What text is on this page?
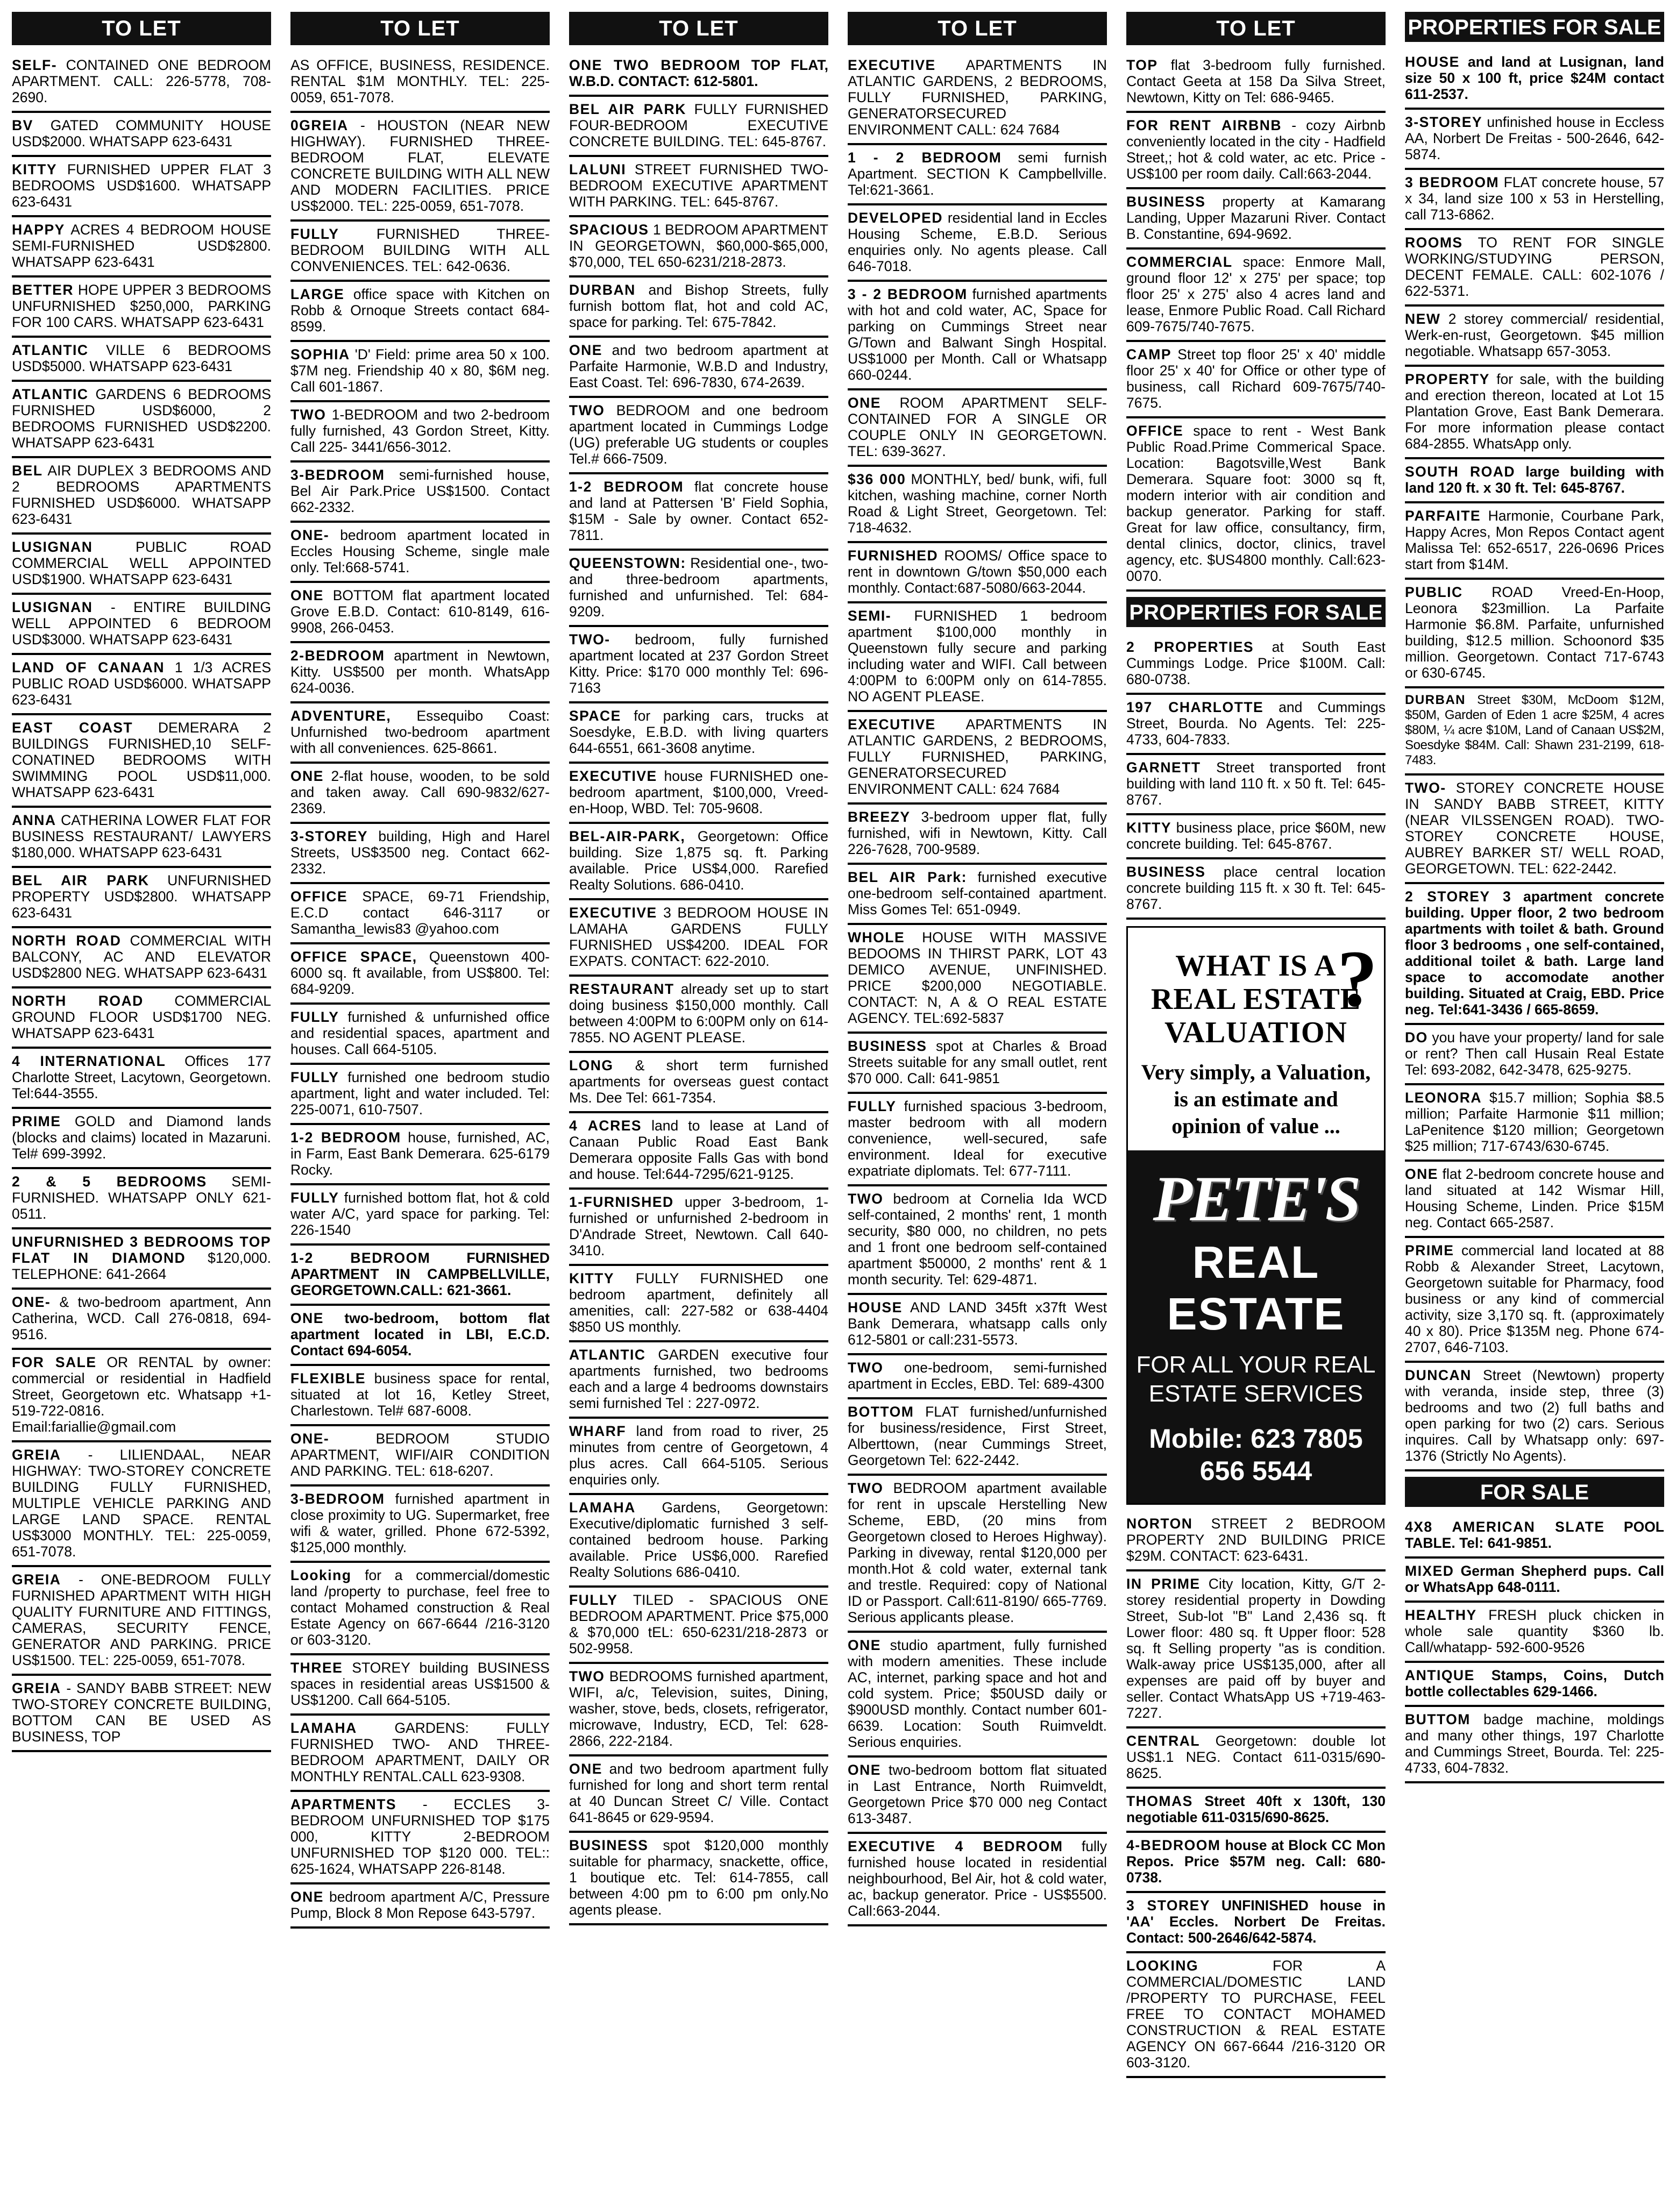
TO LET
SELF- CONTAINED ONE BEDROOM APARTMENT. CALL: 226-5778, 708-2690.
BV GATED COMMUNITY HOUSE USD$2000. WHATSAPP 623-6431
KITTY FURNISHED UPPER FLAT 3 BEDROOMS USD$1600. WHATSAPP 623-6431
HAPPY ACRES 4 BEDROOM HOUSE SEMI-FURNISHED USD$2800. WHATSAPP 623-6431
BETTER HOPE UPPER 3 BEDROOMS UNFURNISHED $250,000, PARKING FOR 100 CARS. WHATSAPP 623-6431
ATLANTIC VILLE 6 BEDROOMS USD$5000. WHATSAPP 623-6431
ATLANTIC GARDENS 6 BEDROOMS FURNISHED USD$6000, 2 BEDROOMS FURNISHED USD$2200. WHATSAPP 623-6431
BEL AIR DUPLEX 3 BEDROOMS AND 2 BEDROOMS APARTMENTS FURNISHED USD$6000. WHATSAPP 623-6431
LUSIGNAN	PUBLIC ROAD COMMERCIAL WELL APPOINTED USD$1900. WHATSAPP 623-6431
LUSIGNAN - ENTIRE BUILDING WELL APPOINTED 6 BEDROOM USD$3000. WHATSAPP 623-6431
LAND OF CANAAN 1 1/3 ACRES PUBLIC ROAD USD$6000. WHATSAPP 623-6431
EAST COAST DEMERARA 2 BUILDINGS FURNISHED,10 SELF-CONATINED BEDROOMS WITH SWIMMING POOL USD$11,000. WHATSAPP 623-6431
ANNA CATHERINA LOWER FLAT FOR BUSINESS RESTAURANT/ LAWYERS $180,000. WHATSAPP 623-6431
BEL AIR PARK UNFURNISHED PROPERTY USD$2800. WHATSAPP 623-6431
NORTH ROAD COMMERCIAL WITH BALCONY, AC AND ELEVATOR USD$2800 NEG. WHATSAPP 623-6431
NORTH ROAD COMMERCIAL GROUND FLOOR USD$1700 NEG. WHATSAPP 623-6431
4 INTERNATIONAL Offices 177 Charlotte Street, Lacytown, Georgetown. Tel:644-3555.
PRIME GOLD and Diamond lands (blocks and claims) located in Mazaruni. Tel# 699-3992.
2 & 5 BEDROOMS SEMI-FURNISHED. WHATSAPP ONLY 621-0511.
UNFURNISHED 3 BEDROOMS TOP FLAT IN DIAMOND $120,000. TELEPHONE: 641-2664
ONE- & two-bedroom apartment, Ann Catherina, WCD. Call 276-0818, 694-9516.
FOR SALE OR RENTAL by owner: commercial or residential in Hadfield Street, Georgetown etc. Whatsapp +1-519-722-0816. Email:fariallie@gmail.com
GREIA - LILIENDAAL, NEAR HIGHWAY: TWO-STOREY CONCRETE BUILDING FULLY FURNISHED, MULTIPLE VEHICLE PARKING AND LARGE LAND SPACE. RENTAL US$3000 MONTHLY. TEL: 225-0059, 651-7078.
GREIA - ONE-BEDROOM FULLY FURNISHED APARTMENT WITH HIGH QUALITY FURNITURE AND FITTINGS, CAMERAS, SECURITY FENCE, GENERATOR AND PARKING. PRICE US$1500. TEL: 225-0059, 651-7078.
GREIA - SANDY BABB STREET: NEW TWO-STOREY CONCRETE BUILDING, BOTTOM CAN BE USED AS BUSINESS, TOP
TO LET
AS OFFICE, BUSINESS, RESIDENCE. RENTAL $1M MONTHLY. TEL: 225-0059, 651-7078.
0GREIA - HOUSTON (NEAR NEW HIGHWAY). FURNISHED THREE-BEDROOM FLAT, ELEVATE CONCRETE BUILDING WITH ALL NEW AND MODERN FACILITIES. PRICE US$2000. TEL: 225-0059, 651-7078.
FULLY	FURNISHED THREE-BEDROOM BUILDING WITH ALL CONVENIENCES. TEL: 642-0636.
LARGE office space with Kitchen on Robb & Ornoque Streets contact 684-8599.
SOPHIA 'D' Field: prime area 50 x 100. $7M neg. Friendship 40 x 80, $6M neg. Call 601-1867.
TWO 1-BEDROOM and two 2-bedroom fully furnished, 43 Gordon Street, Kitty. Call 225- 3441/656-3012.
3-BEDROOM semi-furnished house, Bel Air Park.Price US$1500. Contact 662-2332.
ONE- bedroom apartment located in Eccles Housing Scheme, single male only. Tel:668-5741.
ONE BOTTOM flat apartment located Grove E.B.D. Contact: 610-8149, 616-9908, 266-0453.
2-BEDROOM apartment in Newtown, Kitty. US$500 per month. WhatsApp 624-0036.
ADVENTURE, Essequibo Coast: Unfurnished two-bedroom apartment with all conveniences. 625-8661.
ONE 2-flat house, wooden, to be sold and taken away. Call 690-9832/627-2369.
3-STOREY building, High and Harel Streets, US$3500 neg. Contact 662-2332.
OFFICE SPACE, 69-71 Friendship, E.C.D contact 646-3117 or Samantha_lewis83 @yahoo.com
OFFICE SPACE, Queenstown 400-6000 sq. ft available, from US$800. Tel: 684-9209.
FULLY furnished & unfurnished office and residential spaces, apartment and houses. Call 664-5105.
FULLY furnished one bedroom studio apartment, light and water included. Tel: 225-0071, 610-7507.
1-2 BEDROOM house, furnished, AC, in Farm, East Bank Demerara. 625-6179 Rocky.
FULLY furnished bottom flat, hot & cold water A/C, yard space for parking. Tel: 226-1540
1-2 BEDROOM	FURNISHED APARTMENT IN CAMPBELLVILLE, GEORGETOWN.CALL: 621-3661.
ONE two-bedroom, bottom flat apartment located in LBI, E.C.D. Contact 694-6054.
FLEXIBLE business space for rental, situated at lot 16, Ketley Street, Charlestown. Tel# 687-6008.
ONE-	BEDROOM STUDIO APARTMENT, WIFI/AIR CONDITION AND PARKING. TEL: 618-6207.
3-BEDROOM furnished apartment in close proximity to UG. Supermarket, free wifi & water, grilled. Phone 672-5392, $125,000 monthly.
Looking for a commercial/domestic land /property to purchase, feel free to contact Mohamed construction & Real Estate Agency on 667-6644 /216-3120 or 603-3120.
THREE STOREY building BUSINESS spaces in residential areas US$1500 & US$1200. Call 664-5105.
LAMAHA	GARDENS: FULLY FURNISHED TWO- AND THREE-BEDROOM APARTMENT, DAILY OR MONTHLY RENTAL.CALL 623-9308.
APARTMENTS - ECCLES 3-BEDROOM UNFURNISHED TOP $175 000, KITTY 2-BEDROOM UNFURNISHED TOP $120 000. TEL:: 625-1624, WHATSAPP 226-8148.
ONE bedroom apartment A/C, Pressure Pump, Block 8 Mon Repose 643-5797.
TO LET
ONE TWO BEDROOM TOP FLAT, W.B.D. CONTACT: 612-5801.
BEL AIR PARK FULLY FURNISHED FOUR-BEDROOM EXECUTIVE CONCRETE BUILDING. TEL: 645-8767.
LALUNI STREET FURNISHED TWO-BEDROOM EXECUTIVE APARTMENT WITH PARKING. TEL: 645-8767.
SPACIOUS 1 BEDROOM APARTMENT IN GEORGETOWN, $60,000-$65,000, $70,000, TEL 650-6231/218-2873.
DURBAN and Bishop Streets, fully furnish bottom flat, hot and cold AC, space for parking. Tel: 675-7842.
ONE and two bedroom apartment at Parfaite Harmonie, W.B.D and Industry, East Coast. Tel: 696-7830, 674-2639.
TWO BEDROOM and one bedroom apartment located in Cummings Lodge (UG) preferable UG students or couples Tel.# 666-7509.
1-2 BEDROOM flat concrete house and land at Pattersen 'B' Field Sophia, $15M - Sale by owner. Contact 652-7811.
QUEENSTOWN: Residential one-, two- and three-bedroom apartments, furnished and unfurnished. Tel: 684-9209.
TWO- bedroom, fully furnished apartment located at 237 Gordon Street Kitty. Price: $170 000 monthly Tel: 696-7163
SPACE for parking cars, trucks at Soesdyke, E.B.D. with living quarters 644-6551, 661-3608 anytime.
EXECUTIVE house FURNISHED one-bedroom apartment, $100,000, Vreed-en-Hoop, WBD. Tel: 705-9608.
BEL-AIR-PARK, Georgetown: Office building. Size 1,875 sq. ft. Parking available. Price US$4,000. Rarefied Realty Solutions. 686-0410.
EXECUTIVE 3 BEDROOM HOUSE IN LAMAHA GARDENS FULLY FURNISHED US$4200. IDEAL FOR EXPATS. CONTACT: 622-2010.
RESTAURANT already set up to start doing business $150,000 monthly. Call between 4:00PM to 6:00PM only on 614-7855. NO AGENT PLEASE.
LONG & short term furnished apartments for overseas guest contact Ms. Dee Tel: 661-7354.
4 ACRES land to lease at Land of Canaan Public Road East Bank Demerara opposite Falls Gas with bond and house. Tel:644-7295/621-9125.
1-FURNISHED upper 3-bedroom, 1-furnished or unfurnished 2-bedroom in D'Andrade Street, Newtown. Call 640-3410.
KITTY FULLY FURNISHED one bedroom apartment, definitely all amenities, call: 227-582 or 638-4404 $850 US monthly.
ATLANTIC GARDEN executive four apartments furnished, two bedrooms each and a large 4 bedrooms downstairs semi furnished Tel : 227-0972.
WHARF land from road to river, 25 minutes from centre of Georgetown, 4 plus acres. Call 664-5105. Serious enquiries only.
LAMAHA Gardens, Georgetown: Executive/diplomatic furnished 3 self-contained bedroom house. Parking available. Price US$6,000. Rarefied Realty Solutions 686-0410.
FULLY TILED - SPACIOUS ONE BEDROOM APARTMENT. Price $75,000 & $70,000 tEL: 650-6231/218-2873 or 502-9958.
TWO BEDROOMS furnished apartment, WIFI, a/c, Television, suites, Dining, washer, stove, beds, closets, refrigerator, microwave, Industry, ECD, Tel: 628-2866, 222-2184.
ONE and two bedroom apartment fully furnished for long and short term rental at 40 Duncan Street C/ Ville. Contact 641-8645 or 629-9594.
BUSINESS spot $120,000 monthly suitable for pharmacy, snackette, office, 1 boutique etc. Tel: 614-7855, call between 4:00 pm to 6:00 pm only.No agents please.
TO LET
EXECUTIVE APARTMENTS IN ATLANTIC GARDENS, 2 BEDROOMS, FULLY FURNISHED, PARKING, GENERATORSECURED ENVIRONMENT CALL: 624 7684
1 - 2 BEDROOM semi furnish Apartment. SECTION K Campbellville. Tel:621-3661.
DEVELOPED residential land in Eccles Housing Scheme, E.B.D. Serious enquiries only. No agents please. Call 646-7018.
3 - 2 BEDROOM furnished apartments with hot and cold water, AC, Space for parking on Cummings Street near G/Town and Balwant Singh Hospital. US$1000 per Month. Call or Whatsapp 660-0244.
ONE ROOM APARTMENT SELF-CONTAINED FOR A SINGLE OR COUPLE ONLY IN GEORGETOWN. TEL: 639-3627.
$36 000 MONTHLY, bed/ bunk, wifi, full kitchen, washing machine, corner North Road & Light Street, Georgetown. Tel: 718-4632.
FURNISHED ROOMS/ Office space to rent in downtown G/town $50,000 each monthly. Contact:687-5080/663-2044.
SEMI- FURNISHED 1 bedroom apartment $100,000 monthly in Queenstown fully secure and parking including water and WIFI. Call between 4:00PM to 6:00PM only on 614-7855. NO AGENT PLEASE.
EXECUTIVE APARTMENTS IN ATLANTIC GARDENS, 2 BEDROOMS, FULLY FURNISHED, PARKING, GENERATORSECURED ENVIRONMENT CALL: 624 7684
BREEZY 3-bedroom upper flat, fully furnished, wifi in Newtown, Kitty. Call 226-7628, 700-9589.
BEL AIR Park: furnished executive one-bedroom self-contained apartment. Miss Gomes Tel: 651-0949.
WHOLE HOUSE WITH MASSIVE BEDOOMS IN THIRST PARK, LOT 43 DEMICO AVENUE, UNFINISHED. PRICE $200,000 NEGOTIABLE. CONTACT: N, A & O REAL ESTATE AGENCY. TEL:692-5837
BUSINESS spot at Charles & Broad Streets suitable for any small outlet, rent $70 000. Call: 641-9851
FULLY furnished spacious 3-bedroom, master bedroom with all modern convenience, well-secured, safe environment. Ideal for executive expatriate diplomats. Tel: 677-7111.
TWO bedroom at Cornelia Ida WCD self-contained, 2 months' rent, 1 month security, $80 000, no children, no pets and 1 front one bedroom self-contained apartment $50000, 2 months' rent & 1 month security. Tel: 629-4871.
HOUSE AND LAND 345ft x37ft West Bank Demerara, whatsapp calls only 612-5801 or call:231-5573.
TWO one-bedroom, semi-furnished apartment in Eccles, EBD. Tel: 689-4300
BOTTOM FLAT furnished/unfurnished for business/residence, First Street, Alberttown, (near Cummings Street, Georgetown Tel: 622-2442.
TWO BEDROOM apartment available for rent in upscale Herstelling New Scheme, EBD, (20 mins from Georgetown closed to Heroes Highway). Parking in diveway, rental $120,000 per month.Hot & cold water, external tank and trestle. Required: copy of National ID or Passport. Call:611-8190/ 665-7769. Serious applicants please.
ONE studio apartment, fully furnished with modern amenities. These include AC, internet, parking space and hot and cold system. Price; $50USD daily or $900USD monthly. Contact number 601-6639. Location: South Ruimveldt. Serious enquiries.
ONE two-bedroom bottom flat situated in Last Entrance, North Ruimveldt, Georgetown Price $70 000 neg Contact 613-3487.
EXECUTIVE 4 BEDROOM fully furnished house located in residential neighbourhood, Bel Air, hot & cold water, ac, backup generator. Price - US$5500. Call:663-2044.
TO LET
TOP flat 3-bedroom fully furnished. Contact Geeta at 158 Da Silva Street, Newtown, Kitty on Tel: 686-9465.
FOR RENT AIRBNB - cozy Airbnb conveniently located in the city - Hadfield Street,; hot & cold water, ac etc. Price - US$100 per room daily. Call:663-2044.
BUSINESS property at Kamarang Landing, Upper Mazaruni River. Contact B. Constantine, 694-9692.
COMMERCIAL space: Enmore Mall, ground floor 12' x 275' per space; top floor 25' x 275' also 4 acres land and lease, Enmore Public Road. Call Richard 609-7675/740-7675.
CAMP Street top floor 25' x 40' middle floor 25' x 40' for Office or other type of business, call Richard 609-7675/740-7675.
OFFICE space to rent - West Bank Public Road.Prime Commerical Space. Location: Bagotsville,West Bank Demerara. Square foot: 3000 sq ft, modern interior with air condition and backup generator. Parking for staff. Great for law office, consultancy, firm, dental clinics, doctor, clinics, travel agency, etc. $US4800 monthly. Call:623-0070.
PROPERTIES FOR SALE
2 PROPERTIES at South East Cummings Lodge. Price $100M. Call: 680-0738.
197 CHARLOTTE and Cummings Street, Bourda. No Agents. Tel: 225-4733, 604-7833.
GARNETT Street transported front building with land 110 ft. x 50 ft. Tel: 645-8767.
KITTY business place, price $60M, new concrete building. Tel: 645-8767.
BUSINESS place central location concrete building 115 ft. x 30 ft. Tel: 645-8767.
WHAT IS A REAL ESTATE VALUATION
?
Very simply, a Valuation, is an estimate and opinion of value ...
PETE'S
REAL ESTATE
FOR ALL YOUR REAL ESTATE SERVICES
Mobile: 623 7805 656 5544
NORTON STREET 2 BEDROOM PROPERTY 2ND BUILDING PRICE $29M. CONTACT: 623-6431.
IN PRIME City location, Kitty, G/T 2-storey residential property in Dowding Street, Sub-lot "B" Land 2,436 sq. ft Lower floor: 480 sq. ft Upper floor: 528 sq. ft Selling property "as is condition. Walk-away price US$135,000, after all expenses are paid off by buyer and seller. Contact WhatsApp US +719-463-7227.
CENTRAL Georgetown: double lot US$1.1 NEG. Contact 611-0315/690-8625.
THOMAS Street 40ft x 130ft, 130 negotiable 611-0315/690-8625.
4-BEDROOM house at Block CC Mon Repos. Price $57M neg. Call: 680-0738.
3 STOREY UNFINISHED house in 'AA' Eccles. Norbert De Freitas. Contact: 500-2646/642-5874.
LOOKING	FOR A COMMERCIAL/DOMESTIC LAND /PROPERTY TO PURCHASE, FEEL FREE TO CONTACT MOHAMED CONSTRUCTION & REAL ESTATE AGENCY ON 667-6644 /216-3120 OR 603-3120.
PROPERTIES FOR SALE
HOUSE and land at Lusignan, land size 50 x 100 ft, price $24M contact 611-2537.
3-STOREY unfinished house in Eccless AA, Norbert De Freitas - 500-2646, 642-5874.
3 BEDROOM FLAT concrete house, 57 x 34, land size 100 x 53 in Herstelling, call 713-6862.
ROOMS TO RENT FOR SINGLE WORKING/STUDYING PERSON, DECENT FEMALE. CALL: 602-1076 / 622-5371.
NEW 2 storey commercial/ residential, Werk-en-rust, Georgetown. $45 million negotiable. Whatsapp 657-3053.
PROPERTY for sale, with the building and erection thereon, located at Lot 15 Plantation Grove, East Bank Demerara. For more information please contact 684-2855. WhatsApp only.
SOUTH ROAD large building with land 120 ft. x 30 ft. Tel: 645-8767.
PARFAITE Harmonie, Courbane Park, Happy Acres, Mon Repos Contact agent Malissa Tel: 652-6517, 226-0696 Prices start from $14M.
PUBLIC ROAD Vreed-En-Hoop, Leonora $23million. La Parfaite Harmonie $6.8M. Parfaite, unfurnished building, $12.5 million. Schoonord $35 million. Georgetown. Contact 717-6743 or 630-6745.
DURBAN Street $30M, McDoom $12M, $50M, Garden of Eden 1 acre $25M, 4 acres $80M, ¼ acre $10M, Land of Canaan US$2M, Soesdyke $84M. Call: Shawn 231-2199, 618-7483.
TWO- STOREY CONCRETE HOUSE IN SANDY BABB STREET, KITTY (NEAR VILSSENGEN ROAD). TWO-STOREY CONCRETE HOUSE, AUBREY BARKER ST/ WELL ROAD, GEORGETOWN. TEL: 622-2442.
2 STOREY 3 apartment concrete building. Upper floor, 2 two bedroom apartments with toilet & bath. Ground floor 3 bedrooms , one self-contained, additional toilet & bath. Large land space to accomodate another building. Situated at Craig, EBD. Price neg. Tel:641-3436 / 665-8659.
DO you have your property/ land for sale or rent? Then call Husain Real Estate Tel: 693-2082, 642-3478, 625-9275.
LEONORA $15.7 million; Sophia $8.5 million; Parfaite Harmonie $11 million; LaPenitence $120 million; Georgetown $25 million; 717-6743/630-6745.
ONE flat 2-bedroom concrete house and land situated at 142 Wismar Hill, Housing Scheme, Linden. Price $15M neg. Contact 665-2587.
PRIME commercial land located at 88 Robb & Alexander Street, Lacytown, Georgetown suitable for Pharmacy, food business or any kind of commercial activity, size 3,170 sq. ft. (approximately 40 x 80). Price $135M neg. Phone 674-2707, 646-7103.
DUNCAN Street (Newtown) property with veranda, inside step, three (3) bedrooms and two (2) full baths and open parking for two (2) cars. Serious inquires. Call by Whatsapp only: 697-1376 (Strictly No Agents).
FOR SALE
4X8 AMERICAN SLATE POOL TABLE. Tel: 641-9851.
MIXED German Shepherd pups. Call or WhatsApp 648-0111.
HEALTHY FRESH pluck chicken in whole sale quantity $360 lb. Call/whatapp- 592-600-9526
ANTIQUE Stamps, Coins, Dutch bottle collectables 629-1466.
BUTTOM badge machine, moldings and many other things, 197 Charlotte and Cummings Street, Bourda. Tel: 225-4733, 604-7832.
